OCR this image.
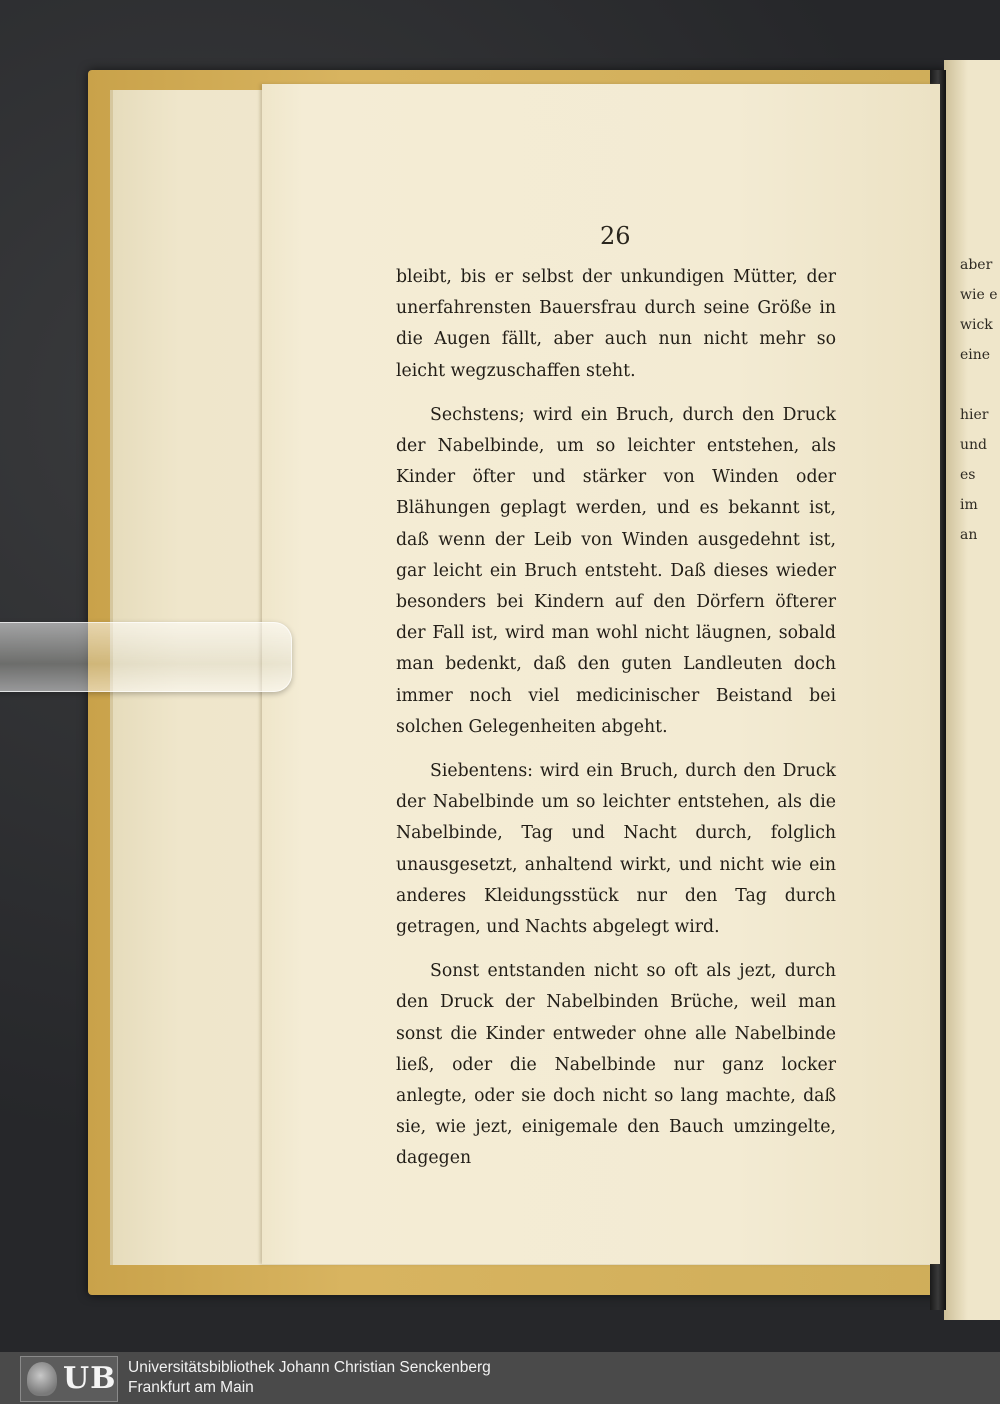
aber
wie e
wick
eine

hier
und
es
im
an
26

bleibt, bis er selbst der unkundigen Mütter, der unerfahrensten Bauersfrau durch seine Größe in die Augen fällt, aber auch nun nicht mehr so leicht wegzuschaffen steht.

Sechstens; wird ein Bruch, durch den Druck der Nabelbinde, um so leichter entstehen, als Kinder öfter und stärker von Winden oder Blähungen geplagt werden, und es bekannt ist, daß wenn der Leib von Winden ausgedehnt ist, gar leicht ein Bruch entsteht. Daß dieses wieder besonders bei Kindern auf den Dörfern öfterer der Fall ist, wird man wohl nicht läugnen, sobald man bedenkt, daß den guten Landleuten doch immer noch viel medicinischer Beistand bei solchen Gelegenheiten abgeht.

Siebentens: wird ein Bruch, durch den Druck der Nabelbinde um so leichter entstehen, als die Nabelbinde, Tag und Nacht durch, folglich unausgesetzt, anhaltend wirkt, und nicht wie ein anderes Kleidungsstück nur den Tag durch getragen, und Nachts abgelegt wird.

Sonst entstanden nicht so oft als jezt, durch den Druck der Nabelbinden Brüche, weil man sonst die Kinder entweder ohne alle Nabelbinde ließ, oder die Nabelbinde nur ganz locker anlegte, oder sie doch nicht so lang machte, daß sie, wie jezt, einigemale den Bauch umzingelte, dagegen

UB Universitätsbibliothek Johann Christian Senckenberg
Frankfurt am Main
